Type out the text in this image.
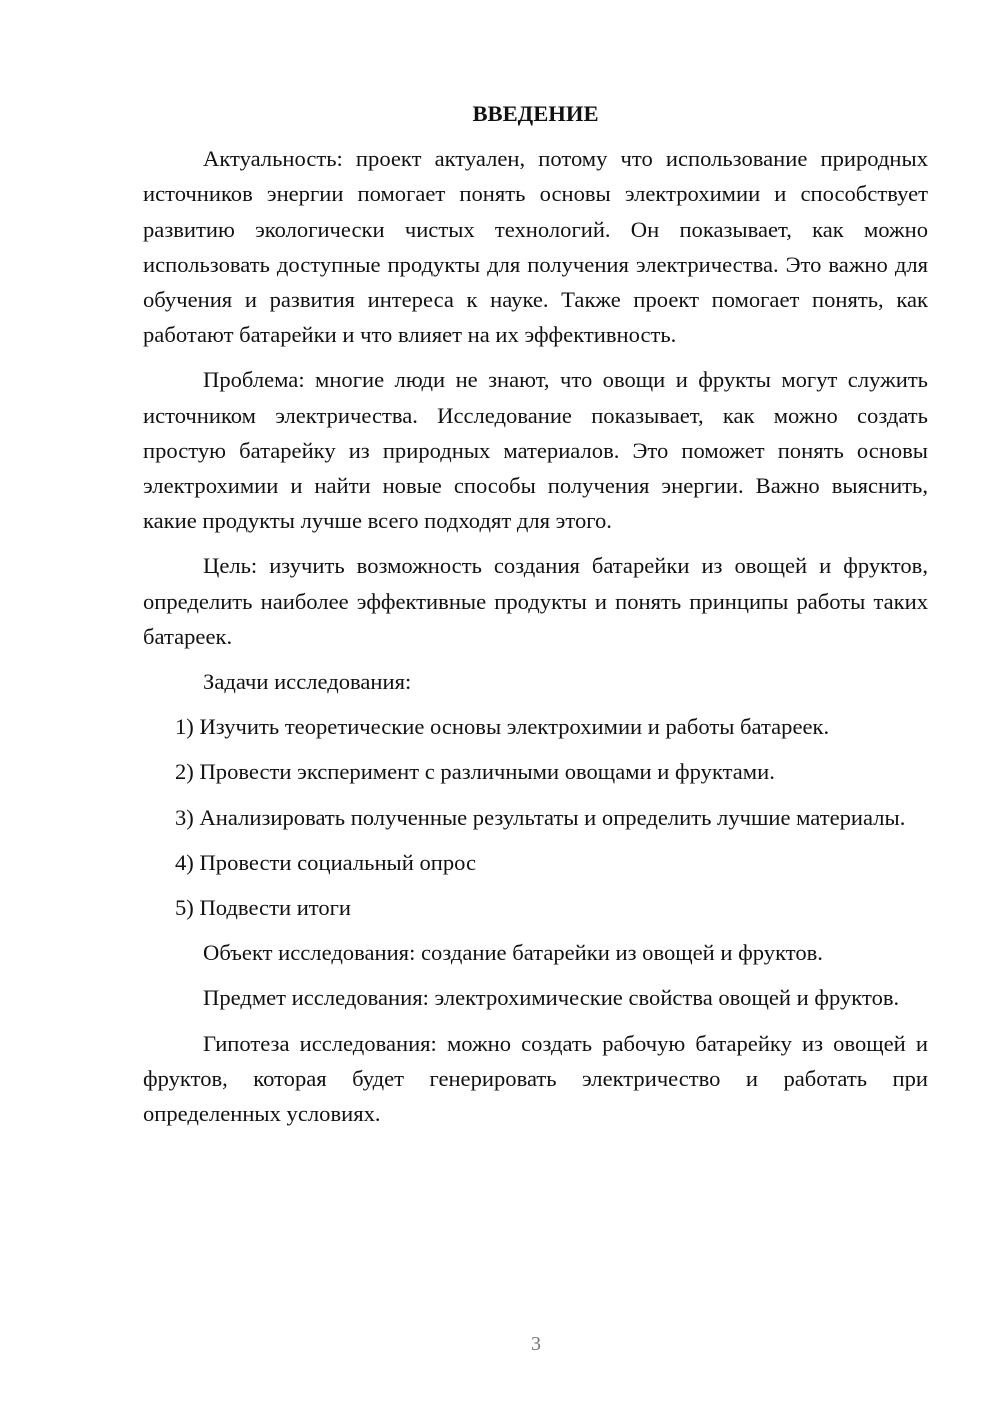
ВВЕДЕНИЕ

Актуальность: проект актуален, потому что использование природных источников энергии помогает понять основы электрохимии и способствует развитию экологически чистых технологий. Он показывает, как можно использовать доступные продукты для получения электричества. Это важно для обучения и развития интереса к науке. Также проект помогает понять, как работают батарейки и что влияет на их эффективность.

Проблема: многие люди не знают, что овощи и фрукты могут служить источником электричества. Исследование показывает, как можно создать простую батарейку из природных материалов. Это поможет понять основы электрохимии и найти новые способы получения энергии. Важно выяснить, какие продукты лучше всего подходят для этого.

Цель: изучить возможность создания батарейки из овощей и фруктов, определить наиболее эффективные продукты и понять принципы работы таких батареек.

Задачи исследования:

1) Изучить теоретические основы электрохимии и работы батареек.

2) Провести эксперимент с различными овощами и фруктами.

3) Анализировать полученные результаты и определить лучшие материалы.

4) Провести социальный опрос

5) Подвести итоги

Объект исследования: создание батарейки из овощей и фруктов.

Предмет исследования: электрохимические свойства овощей и фруктов.

Гипотеза исследования: можно создать рабочую батарейку из овощей и фруктов, которая будет генерировать электричество и работать при определенных условиях.

3
